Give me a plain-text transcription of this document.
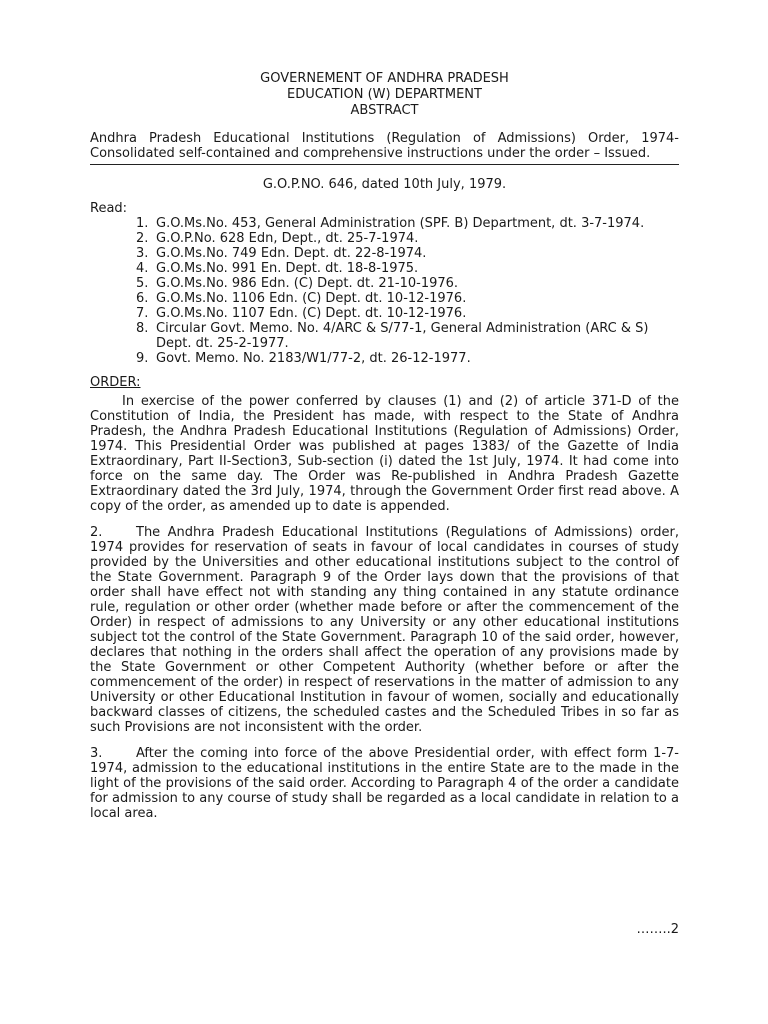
GOVERNEMENT OF ANDHRA PRADESH
EDUCATION (W) DEPARTMENT
ABSTRACT
Andhra Pradesh Educational Institutions (Regulation of Admissions) Order, 1974-Consolidated self-contained and comprehensive instructions under the order – Issued.
G.O.P.NO. 646, dated 10th July, 1979.
Read:
1. G.O.Ms.No. 453, General Administration (SPF. B) Department, dt. 3-7-1974.
2. G.O.P.No. 628 Edn, Dept., dt. 25-7-1974.
3. G.O.Ms.No. 749 Edn. Dept. dt. 22-8-1974.
4. G.O.Ms.No. 991 En. Dept. dt. 18-8-1975.
5. G.O.Ms.No. 986 Edn. (C) Dept. dt. 21-10-1976.
6. G.O.Ms.No. 1106 Edn. (C) Dept. dt. 10-12-1976.
7. G.O.Ms.No. 1107 Edn. (C) Dept. dt. 10-12-1976.
8. Circular Govt. Memo. No. 4/ARC & S/77-1, General Administration (ARC & S) Dept. dt. 25-2-1977.
9. Govt. Memo. No. 2183/W1/77-2, dt. 26-12-1977.
ORDER:
In exercise of the power conferred by clauses (1) and (2) of article 371-D of the Constitution of India, the President has made, with respect to the State of Andhra Pradesh, the Andhra Pradesh Educational Institutions (Regulation of Admissions) Order, 1974. This Presidential Order was published at pages 1383/ of the Gazette of India Extraordinary, Part II-Section3, Sub-section (i) dated the 1st July, 1974. It had come into force on the same day. The Order was Re-published in Andhra Pradesh Gazette Extraordinary dated the 3rd July, 1974, through the Government Order first read above. A copy of the order, as amended up to date is appended.
2.	The Andhra Pradesh Educational Institutions (Regulations of Admissions) order, 1974 provides for reservation of seats in favour of local candidates in courses of study provided by the Universities and other educational institutions subject to the control of the State Government. Paragraph 9 of the Order lays down that the provisions of that order shall have effect not with standing any thing contained in any statute ordinance rule, regulation or other order (whether made before or after the commencement of the Order) in respect of admissions to any University or any other educational institutions subject tot the control of the State Government. Paragraph 10 of the said order, however, declares that nothing in the orders shall affect the operation of any provisions made by the State Government or other Competent Authority (whether before or after the commencement of the order) in respect of reservations in the matter of admission to any University or other Educational Institution in favour of women, socially and educationally backward classes of citizens, the scheduled castes and the Scheduled Tribes in so far as such Provisions are not inconsistent with the order.
3.	After the coming into force of the above Presidential order, with effect form 1-7-1974, admission to the educational institutions in the entire State are to the made in the light of the provisions of the said order. According to Paragraph 4 of the order a candidate for admission to any course of study shall be regarded as a local candidate in relation to a local area.
……..2
